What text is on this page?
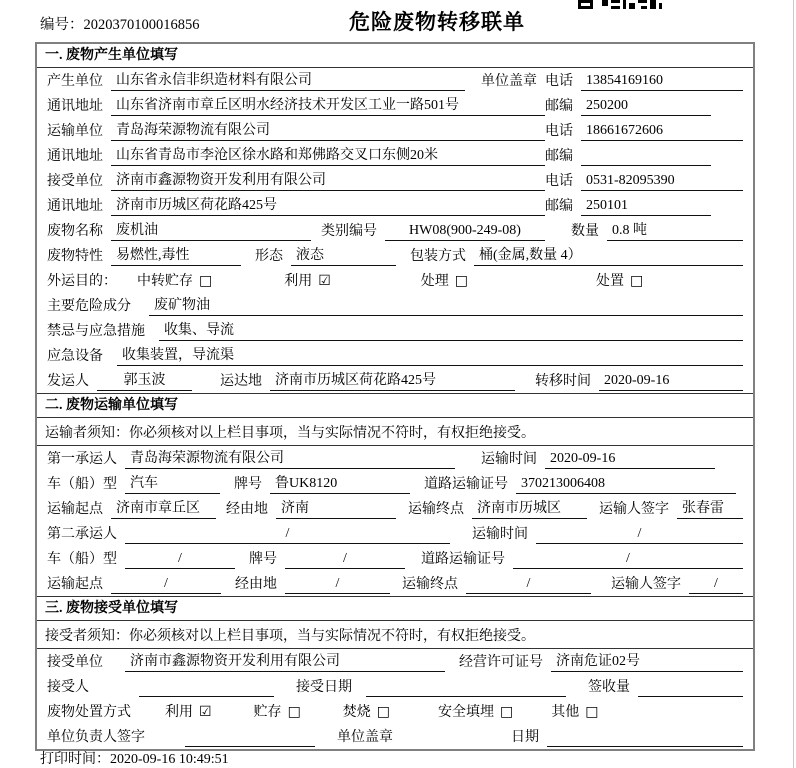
编号：2020370100016856	危险废物转移联单
一. 废物产生单位填写
产生单位 山东省永信非织造材料有限公司	单位盖章 电话 13854169160
通讯地址 山东省济南市章丘区明水经济技术开发区工业一路501号	邮编 250200
运输单位 青岛海荣源物流有限公司	电话 18661672606
通讯地址 山东省青岛市李沧区徐水路和郑佛路交叉口东侧20米	邮编
接受单位 济南市鑫源物资开发利用有限公司	电话 0531-82095390
通讯地址 济南市历城区荷花路425号	邮编 250101
废物名称 废机油	类别编号	HW08(900-249-08)	数量 0.8 吨
废物特性 易燃性,毒性	形态 液态	包装方式 桶(金属,数量 4）
外运目的： 中转贮存 □	利用 ☑	处理 □	处置 □
主要危险成分	废矿物油
禁忌与应急措施	收集、导流
应急设备	收集装置，导流渠
发运人	郭玉波	运达地 济南市历城区荷花路425号	转移时间 2020-09-16
二. 废物运输单位填写
运输者须知：你必须核对以上栏目事项，当与实际情况不符时，有权拒绝接受。
第一承运人 青岛海荣源物流有限公司	运输时间 2020-09-16
车（船）型 汽车	牌号 鲁UK8120	道路运输证号 370213006408
运输起点 济南市章丘区	经由地 济南	运输终点 济南市历城区	运输人签字 张春雷
第二承运人	/	运输时间	/
车（船）型	/	牌号	/	道路运输证号	/
运输起点	/	经由地	/	运输终点	/	运输人签字	/
三. 废物接受单位填写
接受者须知：你必须核对以上栏目事项，当与实际情况不符时，有权拒绝接受。
接受单位	济南市鑫源物资开发利用有限公司	经营许可证号 济南危证02号
接受人	接受日期	签收量
废物处置方式 利用 ☑	贮存 □	焚烧 □	安全填埋 □	其他 □
单位负责人签字	单位盖章	日期
打印时间：2020-09-16 10:49:51
